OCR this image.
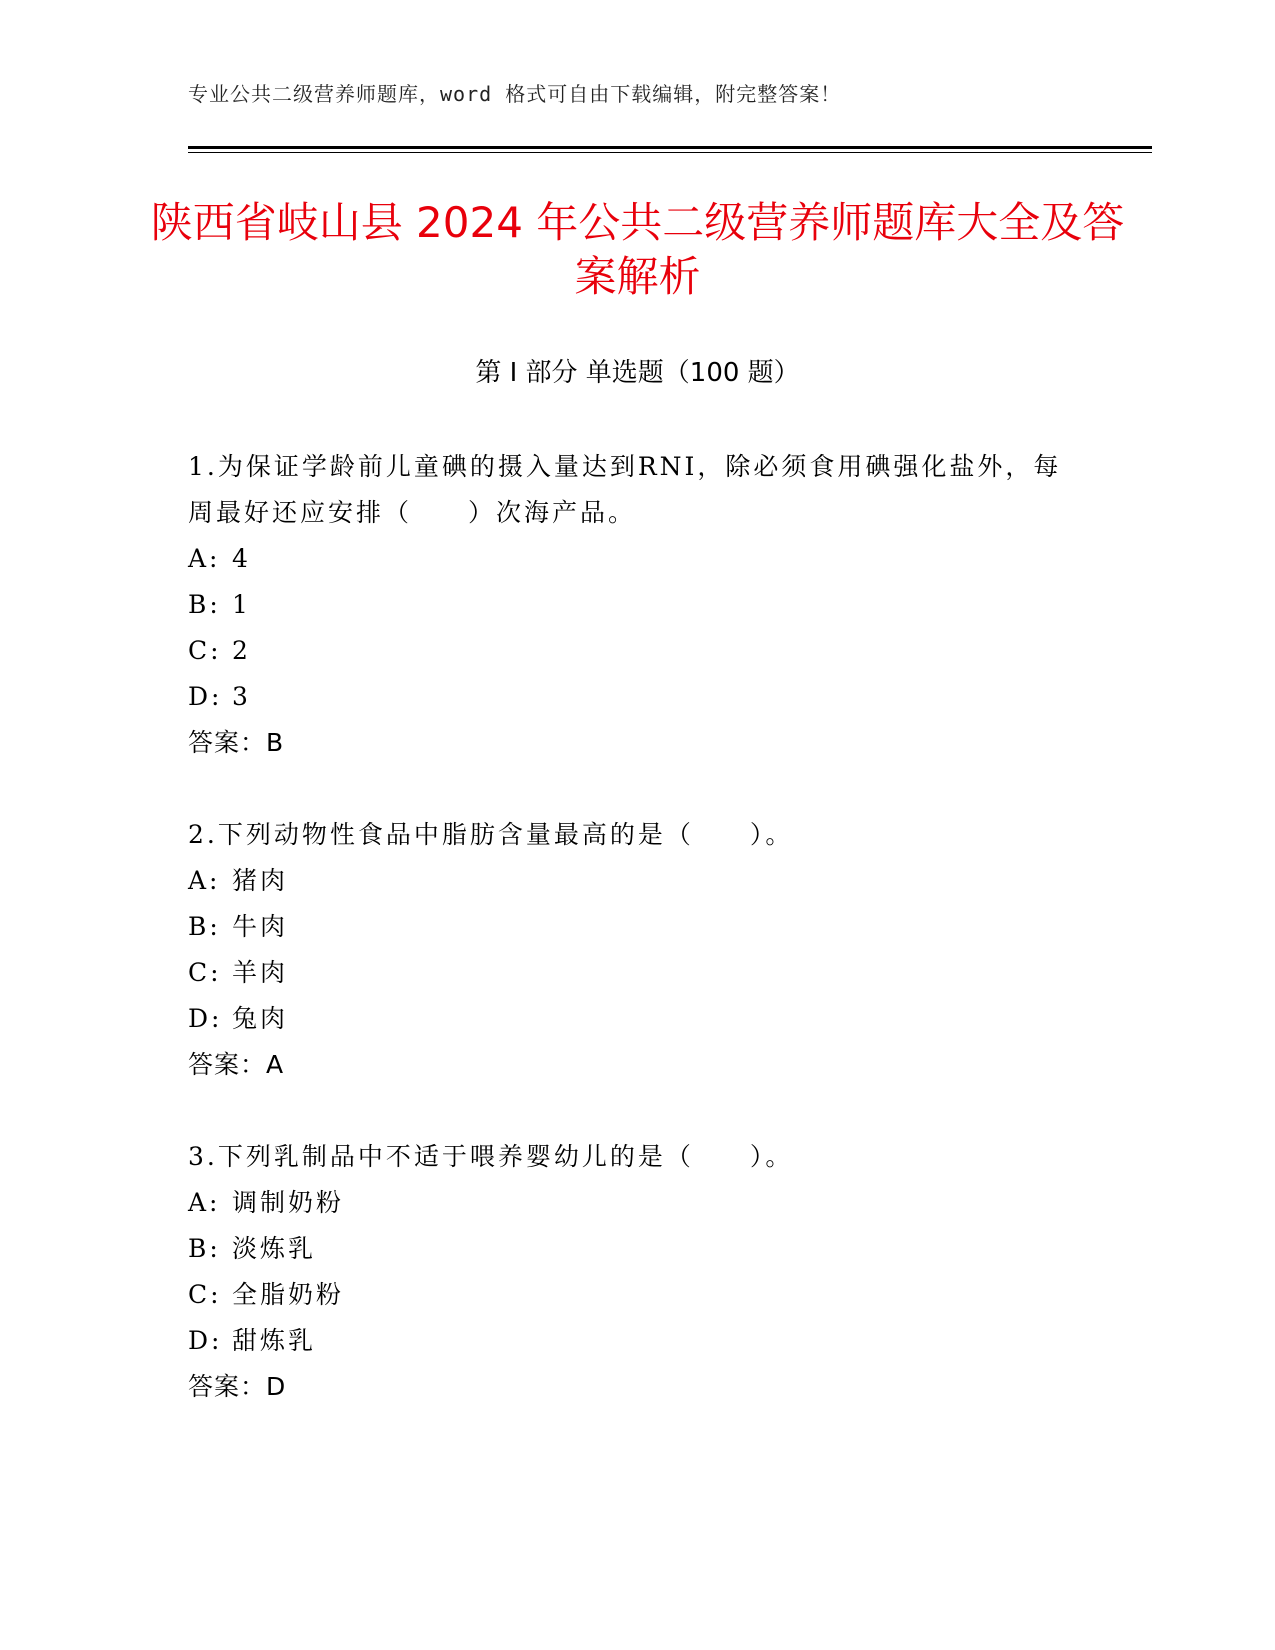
专业公共二级营养师题库，word 格式可自由下载编辑，附完整答案！
陕西省岐山县 2024 年公共二级营养师题库大全及答案解析
第 I 部分 单选题（100 题）
1.为保证学龄前儿童碘的摄入量达到RNI，除必须食用碘强化盐外，每周最好还应安排（　　）次海产品。
A: 4
B: 1
C: 2
D: 3
答案：B
2.下列动物性食品中脂肪含量最高的是（　　）。
A: 猪肉
B: 牛肉
C: 羊肉
D: 兔肉
答案：A
3.下列乳制品中不适于喂养婴幼儿的是（　　）。
A: 调制奶粉
B: 淡炼乳
C: 全脂奶粉
D: 甜炼乳
答案：D
